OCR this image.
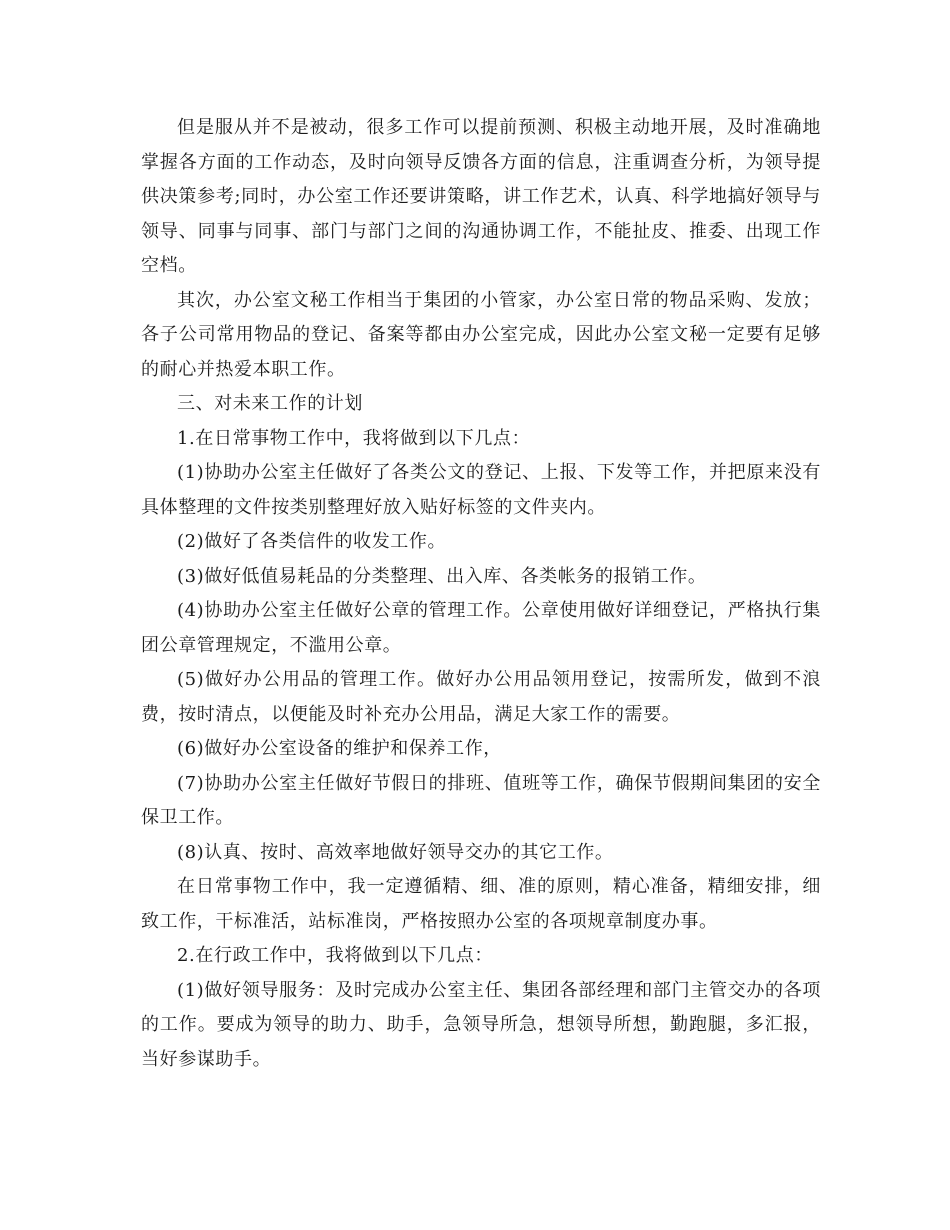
但是服从并不是被动，很多工作可以提前预测、积极主动地开展，及时准确地掌握各方面的工作动态，及时向领导反馈各方面的信息，注重调查分析，为领导提供决策参考;同时，办公室工作还要讲策略，讲工作艺术，认真、科学地搞好领导与领导、同事与同事、部门与部门之间的沟通协调工作，不能扯皮、推委、出现工作空档。

其次，办公室文秘工作相当于集团的小管家，办公室日常的物品采购、发放；各子公司常用物品的登记、备案等都由办公室完成，因此办公室文秘一定要有足够的耐心并热爱本职工作。

三、对未来工作的计划

1.在日常事物工作中，我将做到以下几点：

(1)协助办公室主任做好了各类公文的登记、上报、下发等工作，并把原来没有具体整理的文件按类别整理好放入贴好标签的文件夹内。

(2)做好了各类信件的收发工作。

(3)做好低值易耗品的分类整理、出入库、各类帐务的报销工作。

(4)协助办公室主任做好公章的管理工作。公章使用做好详细登记，严格执行集团公章管理规定，不滥用公章。

(5)做好办公用品的管理工作。做好办公用品领用登记，按需所发，做到不浪费，按时清点，以便能及时补充办公用品，满足大家工作的需要。

(6)做好办公室设备的维护和保养工作，

(7)协助办公室主任做好节假日的排班、值班等工作，确保节假期间集团的安全保卫工作。

(8)认真、按时、高效率地做好领导交办的其它工作。

在日常事物工作中，我一定遵循精、细、准的原则，精心准备，精细安排，细致工作，干标准活，站标准岗，严格按照办公室的各项规章制度办事。

2.在行政工作中，我将做到以下几点：

(1)做好领导服务：及时完成办公室主任、集团各部经理和部门主管交办的各项的工作。要成为领导的助力、助手，急领导所急，想领导所想，勤跑腿，多汇报，当好参谋助手。
